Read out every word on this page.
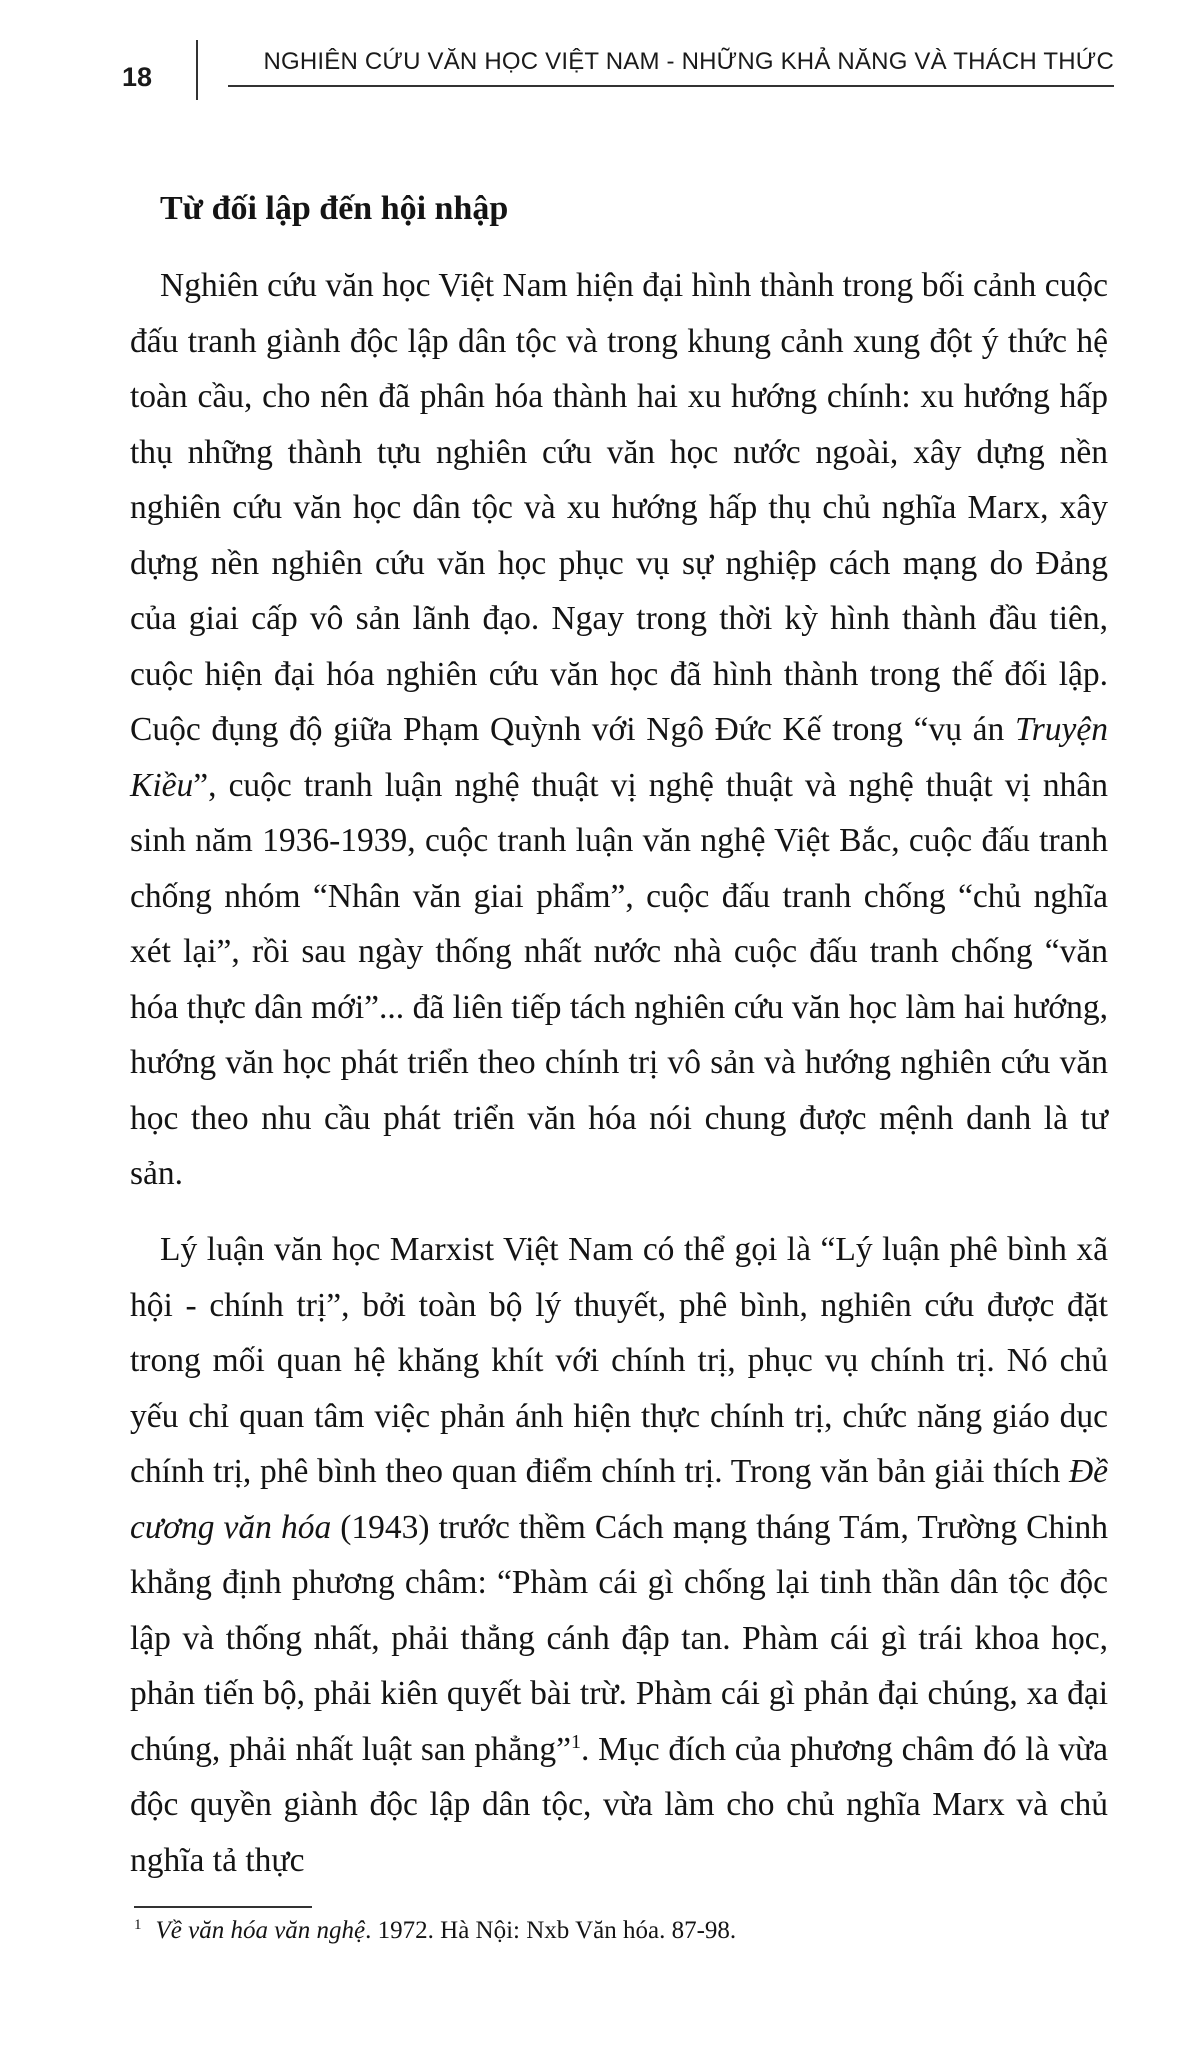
18
NGHIÊN CỨU VĂN HỌC VIỆT NAM - NHỮNG KHẢ NĂNG VÀ THÁCH THỨC
Từ đối lập đến hội nhập

Nghiên cứu văn học Việt Nam hiện đại hình thành trong bối cảnh cuộc đấu tranh giành độc lập dân tộc và trong khung cảnh xung đột ý thức hệ toàn cầu, cho nên đã phân hóa thành hai xu hướng chính: xu hướng hấp thụ những thành tựu nghiên cứu văn học nước ngoài, xây dựng nền nghiên cứu văn học dân tộc và xu hướng hấp thụ chủ nghĩa Marx, xây dựng nền nghiên cứu văn học phục vụ sự nghiệp cách mạng do Đảng của giai cấp vô sản lãnh đạo. Ngay trong thời kỳ hình thành đầu tiên, cuộc hiện đại hóa nghiên cứu văn học đã hình thành trong thế đối lập. Cuộc đụng độ giữa Phạm Quỳnh với Ngô Đức Kế trong “vụ án Truyện Kiều”, cuộc tranh luận nghệ thuật vị nghệ thuật và nghệ thuật vị nhân sinh năm 1936-1939, cuộc tranh luận văn nghệ Việt Bắc, cuộc đấu tranh chống nhóm “Nhân văn giai phẩm”, cuộc đấu tranh chống “chủ nghĩa xét lại”, rồi sau ngày thống nhất nước nhà cuộc đấu tranh chống “văn hóa thực dân mới”... đã liên tiếp tách nghiên cứu văn học làm hai hướng, hướng văn học phát triển theo chính trị vô sản và hướng nghiên cứu văn học theo nhu cầu phát triển văn hóa nói chung được mệnh danh là tư sản.

Lý luận văn học Marxist Việt Nam có thể gọi là “Lý luận phê bình xã hội - chính trị”, bởi toàn bộ lý thuyết, phê bình, nghiên cứu được đặt trong mối quan hệ khăng khít với chính trị, phục vụ chính trị. Nó chủ yếu chỉ quan tâm việc phản ánh hiện thực chính trị, chức năng giáo dục chính trị, phê bình theo quan điểm chính trị. Trong văn bản giải thích Đề cương văn hóa (1943) trước thềm Cách mạng tháng Tám, Trường Chinh khẳng định phương châm: “Phàm cái gì chống lại tinh thần dân tộc độc lập và thống nhất, phải thẳng cánh đập tan. Phàm cái gì trái khoa học, phản tiến bộ, phải kiên quyết bài trừ. Phàm cái gì phản đại chúng, xa đại chúng, phải nhất luật san phẳng”$^1$. Mục đích của phương châm đó là vừa độc quyền giành độc lập dân tộc, vừa làm cho chủ nghĩa Marx và chủ nghĩa tả thực

$^1$ Về văn hóa văn nghệ. 1972. Hà Nội: Nxb Văn hóa. 87-98.
